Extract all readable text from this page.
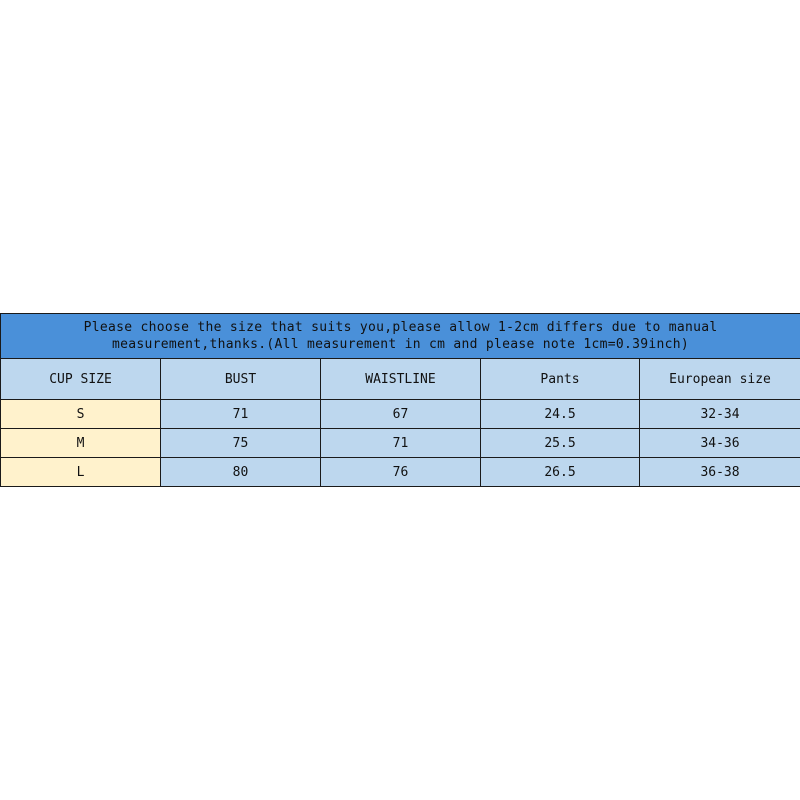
Please choose the size that suits you,please allow 1-2cm differs due to manual
measurement,thanks.(All measurement in cm and please note 1cm=0.39inch)				
CUP SIZE	BUST	WAISTLINE	Pants	European size
S	71	67	24.5	32-34
M	75	71	25.5	34-36
L	80	76	26.5	36-38
